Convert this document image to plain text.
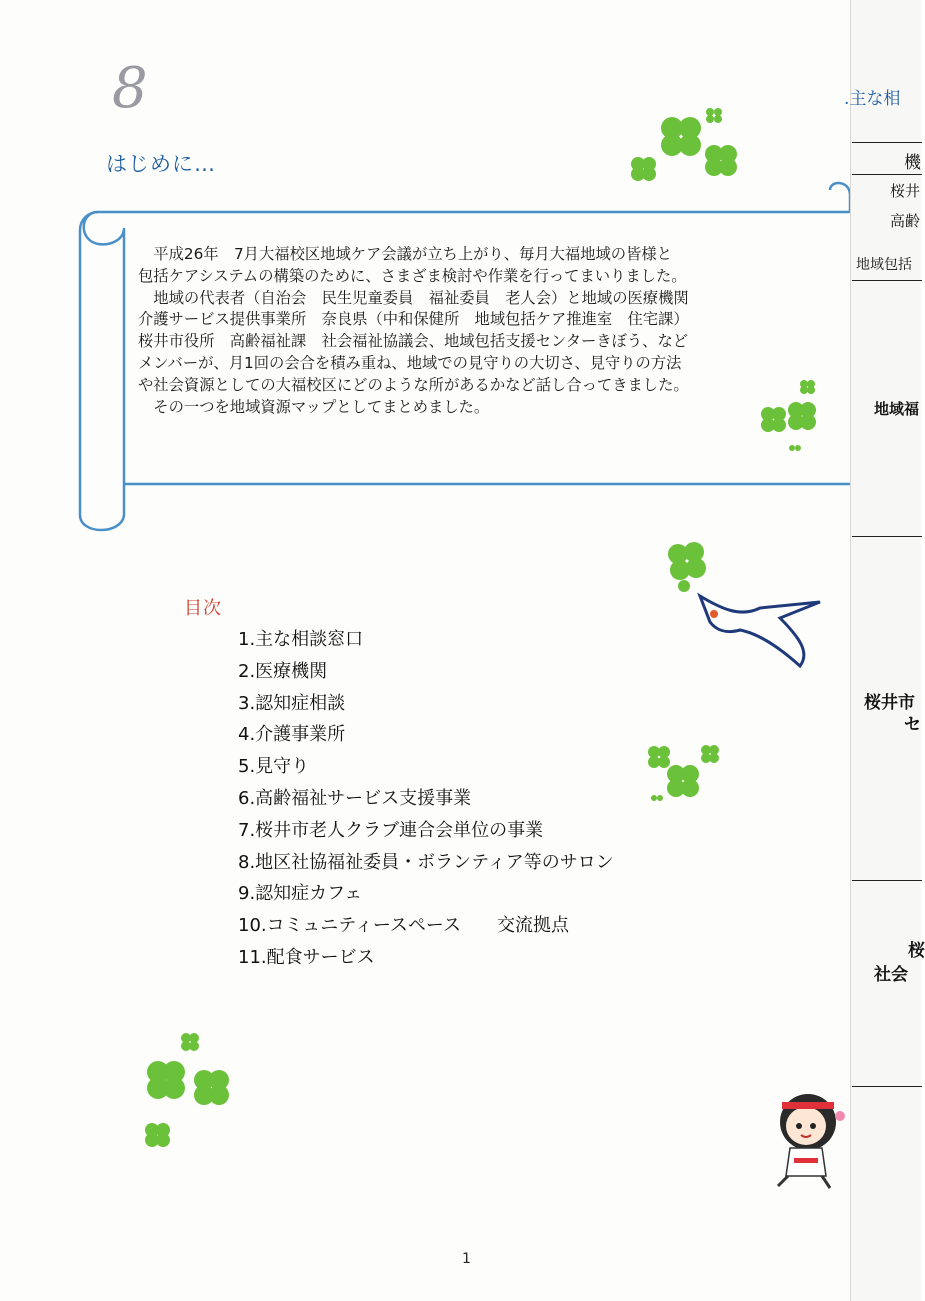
8
はじめに…

　平成26年　7月大福校区地域ケア会議が立ち上がり、毎月大福地域の皆様と

包括ケアシステムの構築のために、さまざま検討や作業を行ってまいりました。

　地域の代表者（自治会　民生児童委員　福祉委員　老人会）と地域の医療機関

介護サービス提供事業所　奈良県（中和保健所　地域包括ケア推進室　住宅課）

桜井市役所　高齢福祉課　社会福祉協議会、地域包括支援センターきぼう、など

メンバーが、月1回の会合を積み重ね、地域での見守りの大切さ、見守りの方法

や社会資源としての大福校区にどのような所があるかなど話し合ってきました。

　その一つを地域資源マップとしてまとめました。

目次
1.主な相談窓口
2.医療機関
3.認知症相談
4.介護事業所
5.見守り
6.高齢福祉サービス支援事業
7.桜井市老人クラブ連合会単位の事業
8.地区社協福祉委員・ボランティア等のサロン
9.認知症カフェ
10.コミュニティースペース　　交流拠点
11.配食サービス
1
.主な相
機
桜井
高齢
地域包括
地域福
桜井市
セ
桜
社会
